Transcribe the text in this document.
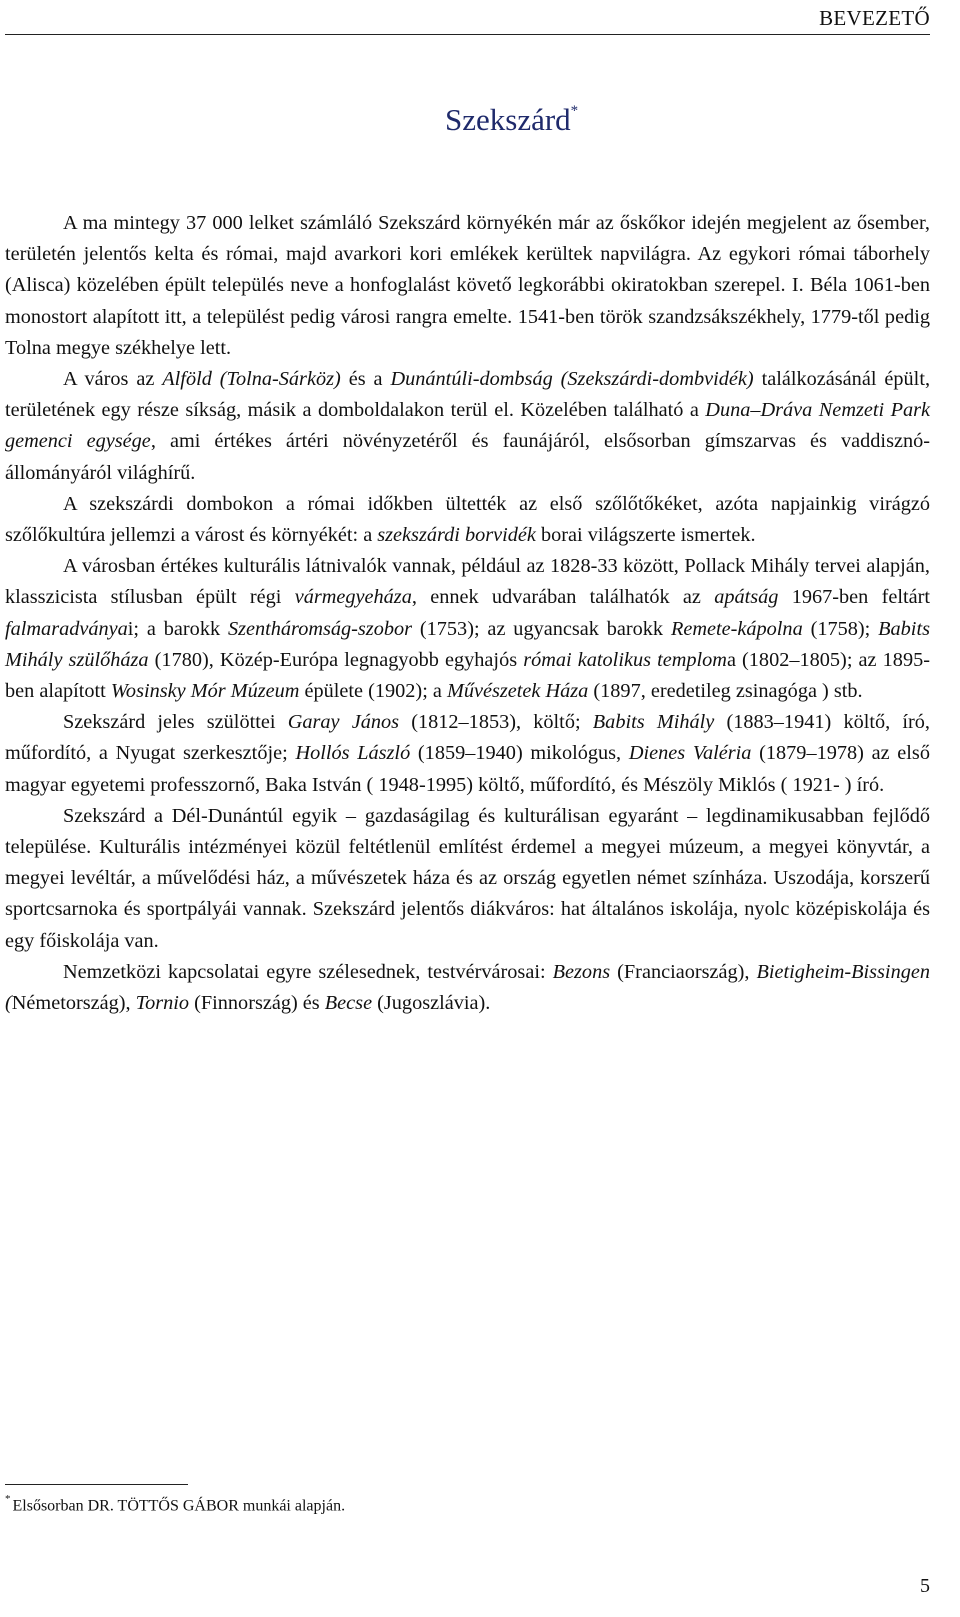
BEVEZETŐ
Szekszárd*

A ma mintegy 37 000 lelket számláló Szekszárd környékén már az őskőkor idején megjelent az ősember, területén jelentős kelta és római, majd avarkori kori emlékek kerültek napvilágra. Az egykori római táborhely (Alisca) közelében épült település neve a honfoglalást követő legkorábbi okiratokban szerepel. I. Béla 1061-ben monostort alapított itt, a települést pedig városi rangra emelte. 1541-ben török szandzsákszékhely, 1779-től pedig Tolna megye székhelye lett.

A város az Alföld (Tolna-Sárköz) és a Dunántúli-dombság (Szekszárdi-dombvidék) találkozásánál épült, területének egy része síkság, másik a domboldalakon terül el. Közelében található a Duna–Dráva Nemzeti Park gemenci egysége, ami értékes ártéri növényzetéről és faunájáról, elsősorban gímszarvas és vaddisznó-állományáról világhírű.

A szekszárdi dombokon a római időkben ültették az első szőlőtőkéket, azóta napjainkig virágzó szőlőkultúra jellemzi a várost és környékét: a szekszárdi borvidék borai világszerte ismertek.

A városban értékes kulturális látnivalók vannak, például az 1828-33 között, Pollack Mihály tervei alapján, klasszicista stílusban épült régi vármegyeháza, ennek udvarában találhatók az apátság 1967-ben feltárt falmaradványai; a barokk Szentháromság-szobor (1753); az ugyancsak barokk Remete-kápolna (1758); Babits Mihály szülőháza (1780), Közép-Európa legnagyobb egyhajós római katolikus temploma (1802–1805); az 1895-ben alapított Wosinsky Mór Múzeum épülete (1902); a Művészetek Háza (1897, eredetileg zsinagóga ) stb.

Szekszárd jeles szülöttei Garay János (1812–1853), költő; Babits Mihály (1883–1941) költő, író, műfordító, a Nyugat szerkesztője; Hollós László (1859–1940) mikológus, Dienes Valéria (1879–1978) az első magyar egyetemi professzornő, Baka István ( 1948-1995) költő, műfordító, és Mészöly Miklós ( 1921- ) író.

Szekszárd a Dél-Dunántúl egyik – gazdaságilag és kulturálisan egyaránt – legdinamikusabban fejlődő települése. Kulturális intézményei közül feltétlenül említést érdemel a megyei múzeum, a megyei könyvtár, a megyei levéltár, a művelődési ház, a művészetek háza és az ország egyetlen német színháza. Uszodája, korszerű sportcsarnoka és sportpályái vannak. Szekszárd jelentős diákváros: hat általános iskolája, nyolc középiskolája és egy főiskolája van.

Nemzetközi kapcsolatai egyre szélesednek, testvérvárosai: Bezons (Franciaország), Bietigheim-Bissingen (Németország), Tornio (Finnország) és Becse (Jugoszlávia).

* Elsősorban DR. TÖTTŐS GÁBOR munkái alapján.
5
